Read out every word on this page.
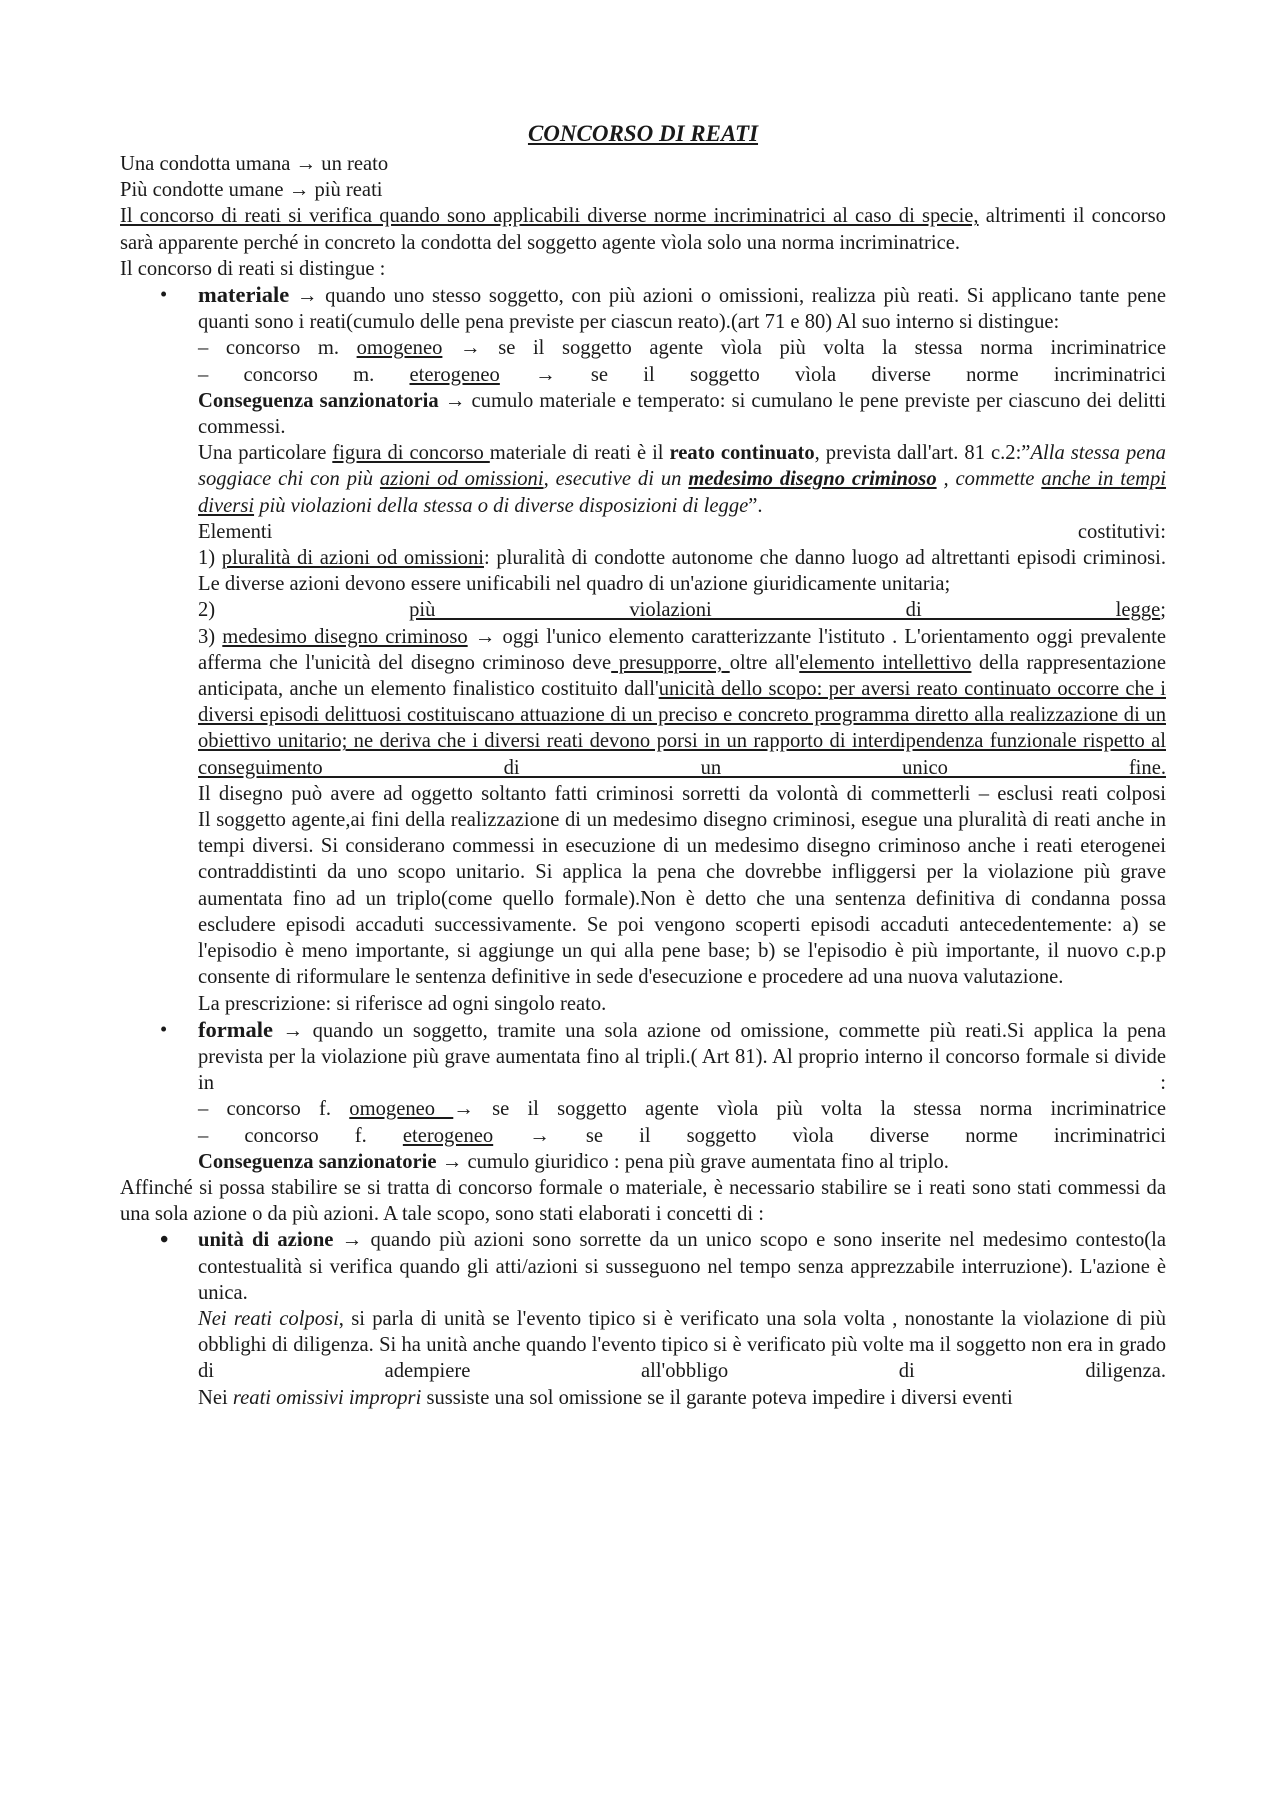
CONCORSO DI REATI

Una condotta umana → un reato

Più condotte umane → più reati

Il concorso di reati si verifica quando sono applicabili diverse norme incriminatrici al caso di specie, altrimenti il concorso sarà apparente perché in concreto la condotta del soggetto agente vìola solo una norma incriminatrice.

Il concorso di reati si distingue :

•	materiale → quando uno stesso soggetto, con più azioni o omissioni, realizza più reati. Si applicano tante pene quanti sono i reati(cumulo delle pena previste per ciascun reato).(art 71 e 80) Al suo interno si distingue:

– concorso m. omogeneo → se il soggetto agente vìola più volta la stessa norma incriminatrice

– concorso m. eterogeneo → se il soggetto vìola diverse norme incriminatrici

Conseguenza sanzionatoria → cumulo materiale e temperato: si cumulano le pene previste per ciascuno dei delitti commessi.

Una particolare figura di concorso materiale di reati è il reato continuato, prevista dall'art. 81 c.2:”Alla stessa pena soggiace chi con più azioni od omissioni, esecutive di un medesimo disegno criminoso , commette anche in tempi diversi più violazioni della stessa o di diverse disposizioni di legge”.

Elementi costitutivi:

1) pluralità di azioni od omissioni: pluralità di condotte autonome che danno luogo ad altrettanti episodi criminosi. Le diverse azioni devono essere unificabili nel quadro di un'azione giuridicamente unitaria;

2) più violazioni di legge;

3) medesimo disegno criminoso → oggi l'unico elemento caratterizzante l'istituto . L'orientamento oggi prevalente afferma che l'unicità del disegno criminoso deve presupporre, oltre all'elemento intellettivo della rappresentazione anticipata, anche un elemento finalistico costituito dall'unicità dello scopo: per aversi reato continuato occorre che i diversi episodi delittuosi costituiscano attuazione di un preciso e concreto programma diretto alla realizzazione di un obiettivo unitario; ne deriva che i diversi reati devono porsi in un rapporto di interdipendenza funzionale rispetto al conseguimento di un unico fine.

Il disegno può avere ad oggetto soltanto fatti criminosi sorretti da volontà di commetterli – esclusi reati colposi

Il soggetto agente,ai fini della realizzazione di un medesimo disegno criminosi, esegue una pluralità di reati anche in tempi diversi. Si considerano commessi in esecuzione di un medesimo disegno criminoso anche i reati eterogenei contraddistinti da uno scopo unitario. Si applica la pena che dovrebbe infliggersi per la violazione più grave aumentata fino ad un triplo(come quello formale).Non è detto che una sentenza definitiva di condanna possa escludere episodi accaduti successivamente. Se poi vengono scoperti episodi accaduti antecedentemente: a) se l'episodio è meno importante, si aggiunge un qui alla pene base; b) se l'episodio è più importante, il nuovo c.p.p consente di riformulare le sentenza definitive in sede d'esecuzione e procedere ad una nuova valutazione.

La prescrizione: si riferisce ad ogni singolo reato.

•	formale → quando un soggetto, tramite una sola azione od omissione, commette più reati.Si applica la pena prevista per la violazione più grave aumentata fino al tripli.( Art 81). Al proprio interno il concorso formale si divide in :

– concorso f. omogeneo → se il soggetto agente vìola più volta la stessa norma incriminatrice

– concorso f. eterogeneo → se il soggetto vìola diverse norme incriminatrici

Conseguenza sanzionatorie → cumulo giuridico : pena più grave aumentata fino al triplo.

Affinché si possa stabilire se si tratta di concorso formale o materiale, è necessario stabilire se i reati sono stati commessi da una sola azione o da più azioni. A tale scopo, sono stati elaborati i concetti di :

•	unità di azione → quando più azioni sono sorrette da un unico scopo e sono inserite nel medesimo contesto(la contestualità si verifica quando gli atti/azioni si susseguono nel tempo senza apprezzabile interruzione). L'azione è unica.

Nei reati colposi, si parla di unità se l'evento tipico si è verificato una sola volta , nonostante la violazione di più obblighi di diligenza. Si ha unità anche quando l'evento tipico si è verificato più volte ma il soggetto non era in grado di adempiere all'obbligo di diligenza.

Nei reati omissivi impropri sussiste una sol omissione se il garante poteva impedire i diversi eventi
